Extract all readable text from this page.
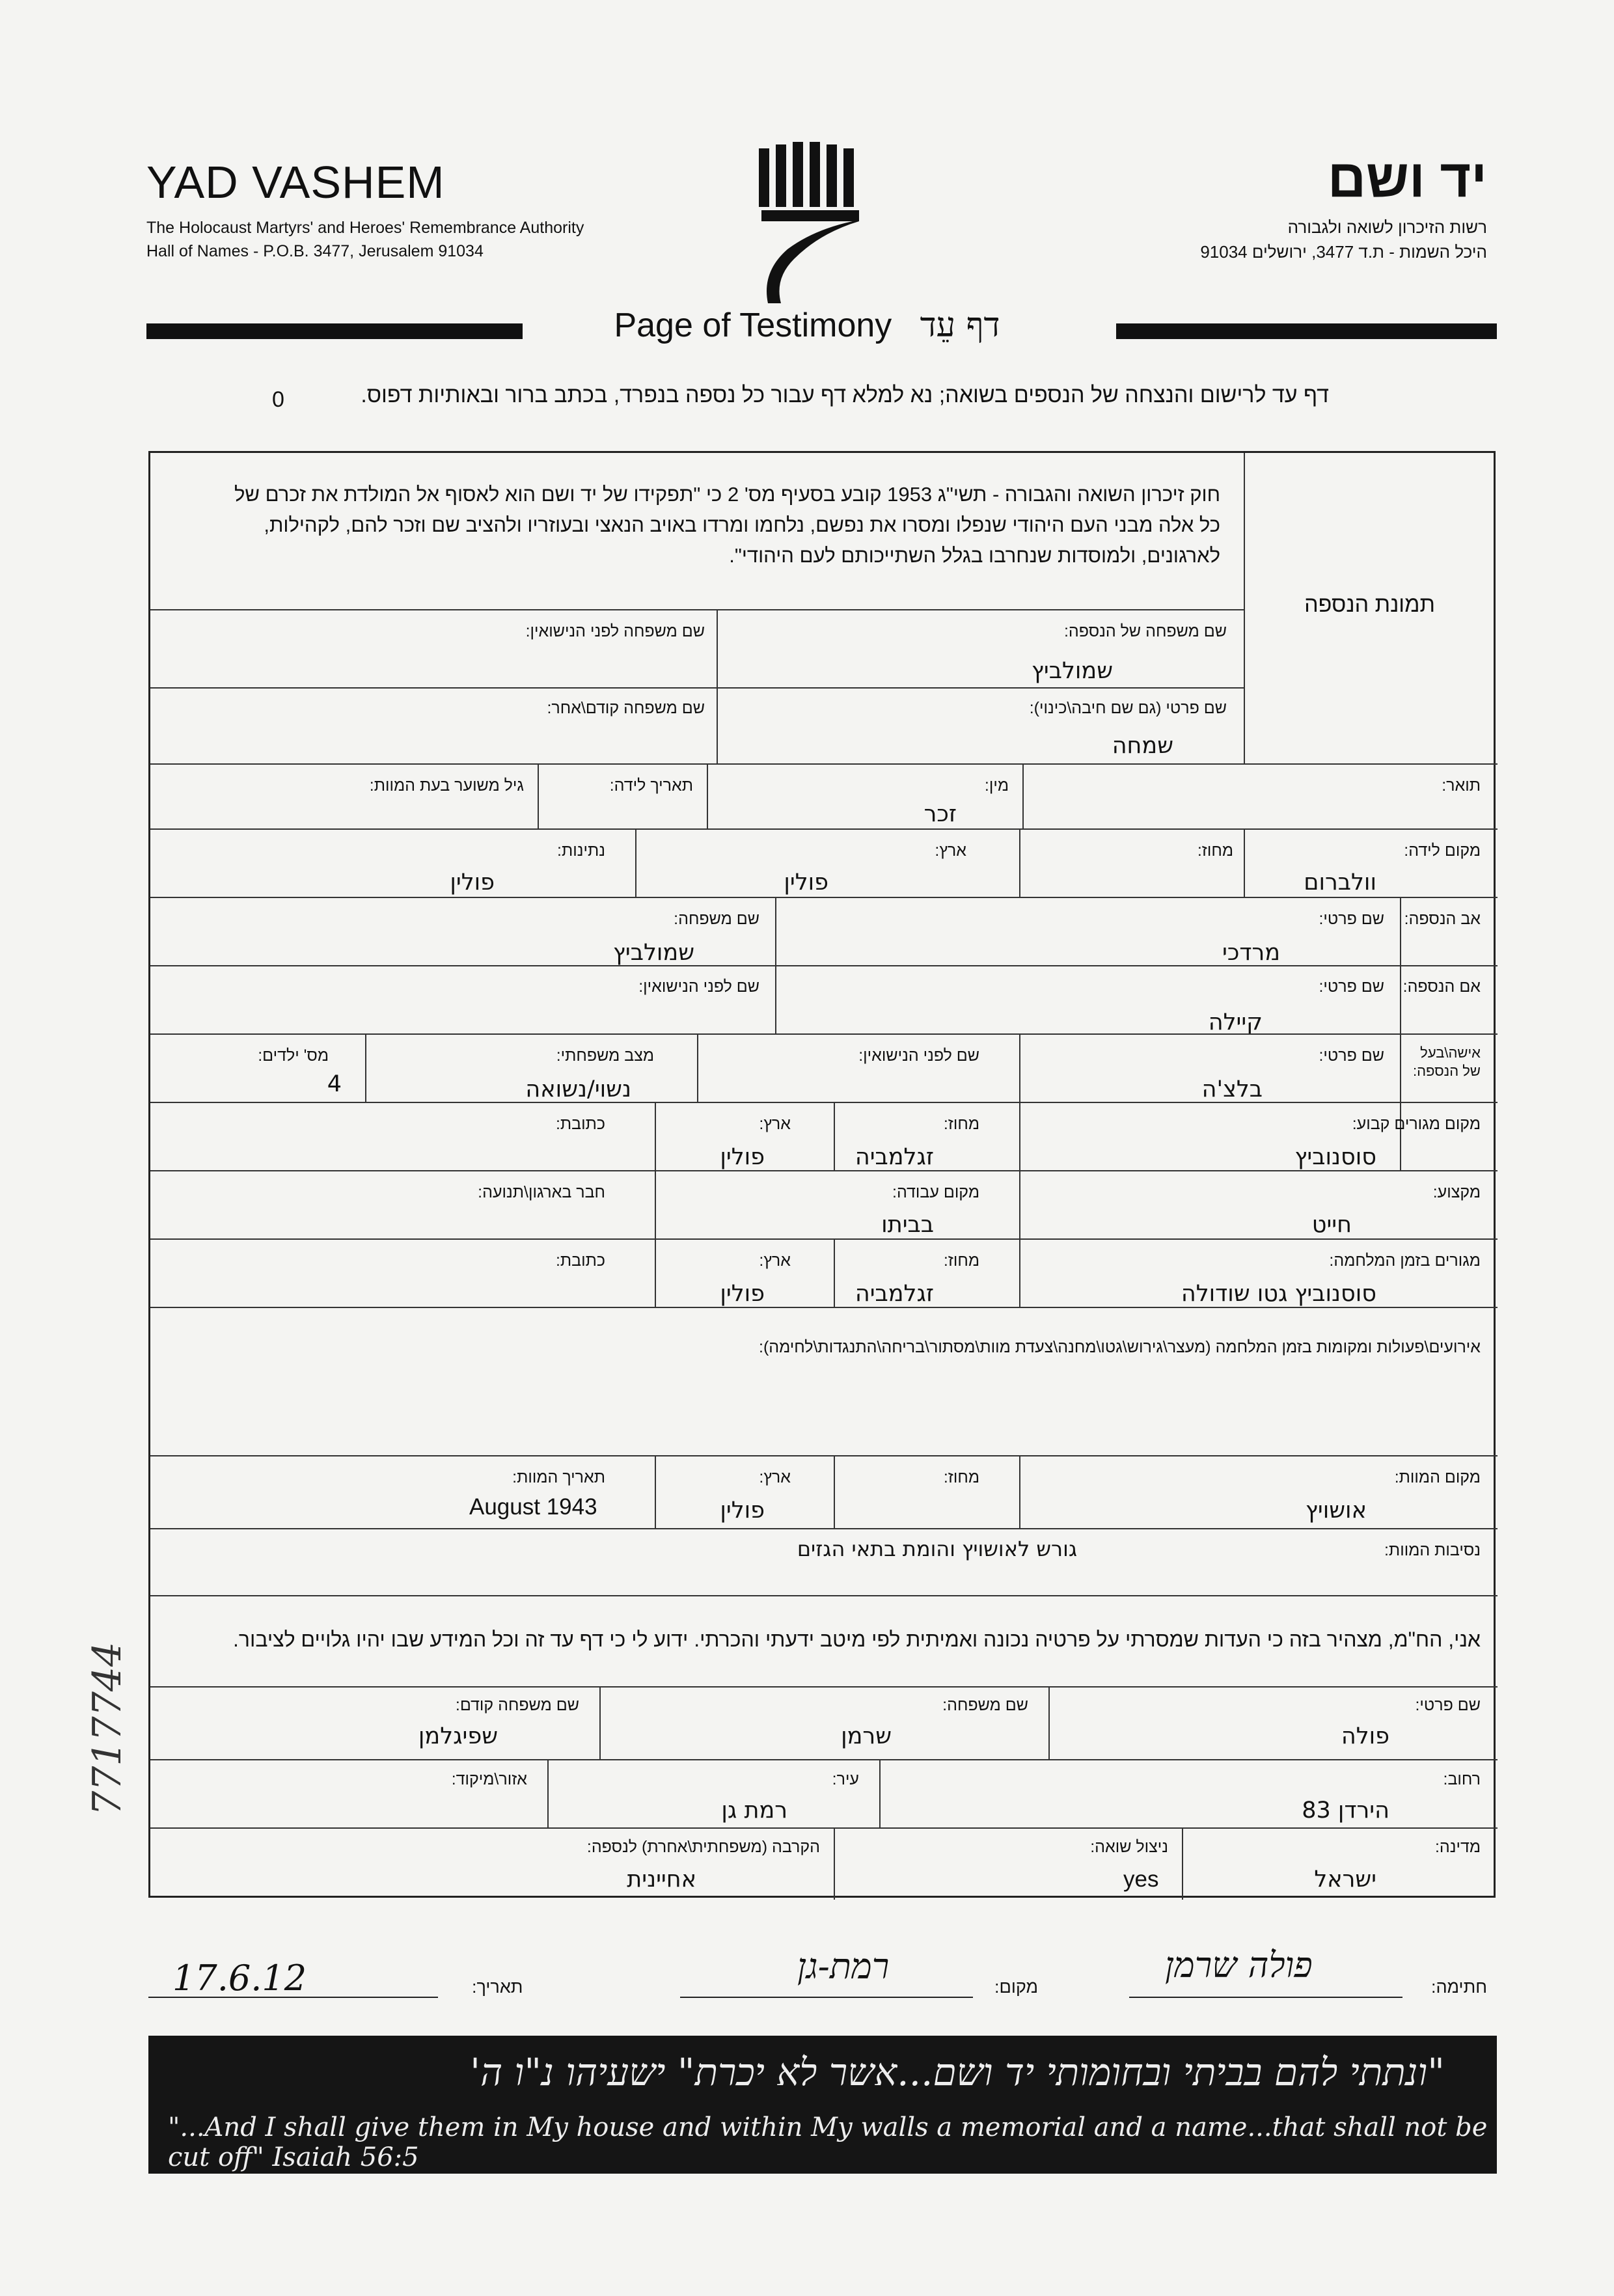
YAD VASHEM
The Holocaust Martyrs' and Heroes' Remembrance Authority
Hall of Names - P.O.B. 3477, Jerusalem 91034
יד ושם
רשות הזיכרון לשואה ולגבורה
היכל השמות - ת.ד 3477, ירושלים 91034
Page of Testimony דף עֵד
דף עד לרישום והנצחה של הנספים בשואה; נא למלא דף עבור כל נספה בנפרד, בכתב ברור ובאותיות דפוס.
0
תמונת הנספה
חוק זיכרון השואה והגבורה - תשי"ג 1953 קובע בסעיף מס' 2 כי "תפקידו של יד ושם הוא לאסוף אל המולדת את זכרם של
כל אלה מבני העם היהודי שנפלו ומסרו את נפשם, נלחמו ומרדו באויב הנאצי ובעוזריו ולהציב שם וזכר להם, לקהילות,
לארגונים, ולמוסדות שנחרבו בגלל השתייכותם לעם היהודי".
שם משפחה של הנספה:
שמולביץ
שם משפחה לפני הנישואין:
שם פרטי (גם שם חיבה\כינוי):
שמחה
שם משפחה קודם\אחר:
תואר:
מין:
זכר
תאריך לידה:
גיל משוער בעת המוות:
מקום לידה:
וולברום
מחוז:
ארץ:
פולין
נתינות:
פולין
אב הנספה:
שם פרטי:
מרדכי
שם משפחה:
שמולביץ
אם הנספה:
שם פרטי:
קיילה
שם לפני הנישואין:
אישה\בעל
של הנספה:
שם פרטי:
בלצ'ה
שם לפני הנישואין:
מצב משפחתי:
נשוי/נשואה
מס' ילדים:
4
מקום מגורים קבוע:
סוסנוביץ
מחוז:
זגלמביה
ארץ:
פולין
כתובת:
מקצוע:
חייט
מקום עבודה:
בביתו
חבר בארגון\תנועה:
מגורים בזמן המלחמה:
סוסנוביץ גטו שודולה
מחוז:
זגלמביה
ארץ:
פולין
כתובת:
אירועים\פעולות ומקומות בזמן המלחמה (מעצר\גירוש\גטו\מחנה\צעדת מוות\מסתור\בריחה\התנגדות\לחימה):
מקום המוות:
אושויץ
מחוז:
ארץ:
פולין
תאריך המוות:
August 1943
נסיבות המוות:
גורש לאושויץ והומת בתאי הגזים
אני, הח"מ, מצהיר בזה כי העדות שמסרתי על פרטיה נכונה ואמיתית לפי מיטב ידעתי והכרתי. ידוע לי כי דף עד זה וכל המידע שבו יהיו גלויים לציבור.
שם פרטי:
פולה
שם משפחה:
שרמן
שם משפחה קודם:
שפיגלמן
רחוב:
הירדן 83
עיר:
רמת גן
אזור\מיקוד:
מדינה:
ישראל
ניצול שואה:
yes
הקרבה (משפחתית\אחרת) לנספה:
אחיינית
7717744
חתימה:
פולה שרמן
מקום:
רמת-גן
תאריך:
17.6.12
"ונתתי להם בביתי ובחומותי יד ושם...אשר לא יכרת" ישעיהו נ"ו ה'
"...And I shall give them in My house and within My walls a memorial and a name...that shall not be cut off" Isaiah 56:5
